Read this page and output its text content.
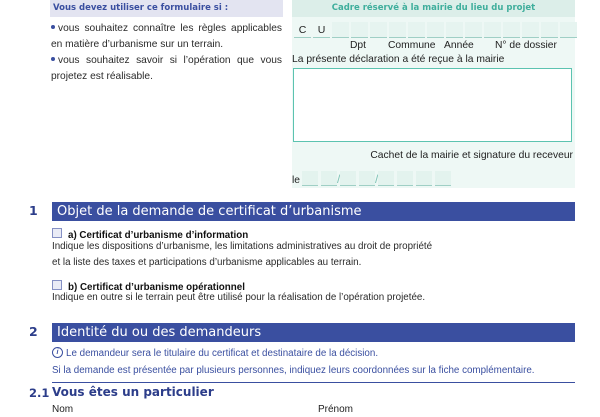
Vous devez utiliser ce formulaire si :

vous souhaitez connaître les règles applicables en matière d’urbanisme sur un terrain.

vous souhaitez savoir si l’opération que vous projetez est réalisable.

Cadre réservé à la mairie du lieu du projet
C	U
Dpt Commune Année N° de dossier
La présente déclaration a été reçue à la mairie
Cachet de la mairie et signature du receveur
le	/	/
1	Objet de la demande de certificat d’urbanisme
a) Certificat d’urbanisme d’information
Indique les dispositions d’urbanisme, les limitations administratives au droit de propriété
et la liste des taxes et participations d’urbanisme applicables au terrain.
b) Certificat d’urbanisme opérationnel
Indique en outre si le terrain peut être utilisé pour la réalisation de l’opération projetée.
2	Identité du ou des demandeurs
i Le demandeur sera le titulaire du certificat et destinataire de la décision.
Si la demande est présentée par plusieurs personnes, indiquez leurs coordonnées sur la fiche complémentaire.
2.1 Vous êtes un particulier
Nom	Prénom
